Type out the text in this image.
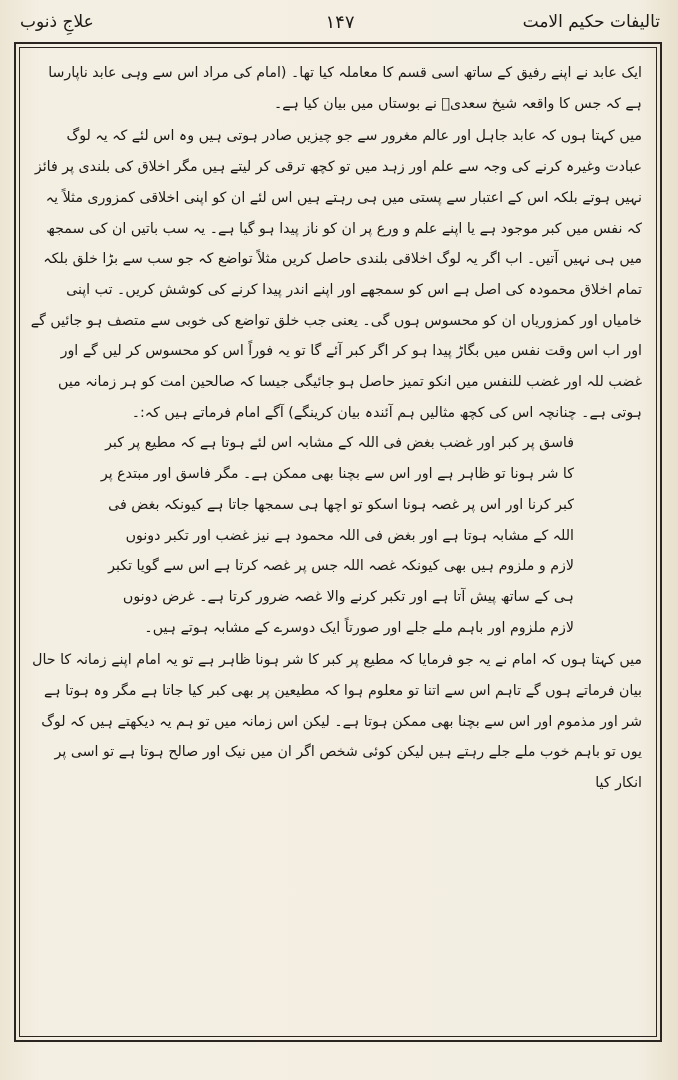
تالیفات حکیم الامت
۱۴۷
علاجِ ذنوب

ایک عابد نے اپنے رفیق کے ساتھ اسی قسم کا معاملہ کیا تھا۔ (امام کی مراد اس سے وہی عابد ناپارسا ہے کہ جس کا واقعہ شیخ سعدیؒ نے بوستاں میں بیان کیا ہے۔

میں کہتا ہوں کہ عابد جاہل اور عالم مغرور سے جو چیزیں صادر ہوتی ہیں وہ اس لئے کہ یہ لوگ عبادت وغیرہ کرنے کی وجہ سے علم اور زہد میں تو کچھ ترقی کر لیتے ہیں مگر اخلاق کی بلندی پر فائز نہیں ہوتے بلکہ اس کے اعتبار سے پستی میں ہی رہتے ہیں اس لئے ان کو اپنی اخلاقی کمزوری مثلاً یہ کہ نفس میں کبر موجود ہے یا اپنے علم و ورع پر ان کو ناز پیدا ہو گیا ہے۔ یہ سب باتیں ان کی سمجھ میں ہی نہیں آتیں۔ اب اگر یہ لوگ اخلاقی بلندی حاصل کریں مثلاً تواضع کہ جو سب سے بڑا خلق بلکہ تمام اخلاق محمودہ کی اصل ہے اس کو سمجھے اور اپنے اندر پیدا کرنے کی کوشش کریں۔ تب اپنی خامیاں اور کمزوریاں ان کو محسوس ہوں گی۔ یعنی جب خلق تواضع کی خوبی سے متصف ہو جائیں گے اور اب اس وقت نفس میں بگاڑ پیدا ہو کر اگر کبر آئے گا تو یہ فوراً اس کو محسوس کر لیں گے اور غضب للہ اور غضب للنفس میں انکو تمیز حاصل ہو جائیگی جیسا کہ صالحین امت کو ہر زمانہ میں ہوتی ہے۔ چنانچہ اس کی کچھ مثالیں ہم آئندہ بیان کرینگے) آگے امام فرماتے ہیں کہ:۔

فاسق پر کبر اور غضب بغض فی اللہ کے مشابہ اس لئے ہوتا ہے کہ مطیع پر کبر کا شر ہونا تو ظاہر ہے اور اس سے بچنا بھی ممکن ہے۔ مگر فاسق اور مبتدع پر کبر کرنا اور اس پر غصہ ہونا اسکو تو اچھا ہی سمجھا جاتا ہے کیونکہ بغض فی اللہ کے مشابہ ہوتا ہے اور بغض فی اللہ محمود ہے نیز غضب اور تکبر دونوں لازم و ملزوم ہیں بھی کیونکہ غصہ اللہ جس پر غصہ کرتا ہے اس سے گویا تکبر ہی کے ساتھ پیش آتا ہے اور تکبر کرنے والا غصہ ضرور کرتا ہے۔ غرض دونوں لازم ملزوم اور باہم ملے جلے اور صورتاً ایک دوسرے کے مشابہ ہوتے ہیں۔

میں کہتا ہوں کہ امام نے یہ جو فرمایا کہ مطیع پر کبر کا شر ہونا ظاہر ہے تو یہ امام اپنے زمانہ کا حال بیان فرماتے ہوں گے تاہم اس سے اتنا تو معلوم ہوا کہ مطیعین پر بھی کبر کیا جاتا ہے مگر وہ ہوتا ہے شر اور مذموم اور اس سے بچنا بھی ممکن ہوتا ہے۔ لیکن اس زمانہ میں تو ہم یہ دیکھتے ہیں کہ لوگ یوں تو باہم خوب ملے جلے رہتے ہیں لیکن کوئی شخص اگر ان میں نیک اور صالح ہوتا ہے تو اسی پر انکار کیا
